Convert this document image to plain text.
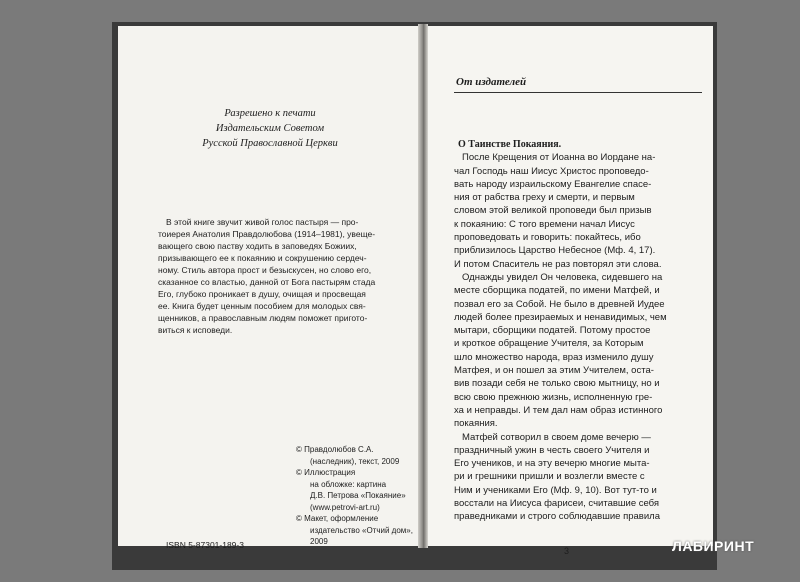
Разрешено к печати
Издательским Советом
Русской Православной Церкви
В этой книге звучит живой голос пастыря — про-
тоиерея Анатолия Правдолюбова (1914–1981), увеще-
вающего свою паству ходить в заповедях Божиих,
призывающего ее к покаянию и сокрушению сердеч-
ному. Стиль автора прост и безыскусен, но слово его,
сказанное со властью, данной от Бога пастырям стада
Его, глубоко проникает в душу, очищая и просвещая
ее. Книга будет ценным пособием для молодых свя-
щенников, а православным людям поможет пригото-
виться к исповеди.
© Правдолюбов С.А.
(наследник), текст, 2009
© Иллюстрация
на обложке: картина
Д.В. Петрова «Покаяние»
(www.petrovi-art.ru)
© Макет, оформление
издательство «Отчий дом»,
2009
ISBN 5-87301-189-3
От издателей
О Таинстве Покаяния.
После Крещения от Иоанна во Иордане на-
чал Господь наш Иисус Христос проповедо-
вать народу израильскому Евангелие спасе-
ния от рабства греху и смерти, и первым
словом этой великой проповеди был призыв
к покаянию: С того времени начал Иисус
проповедовать и говорить: покайтесь, ибо
приблизилось Царство Небесное (Мф. 4, 17).
И потом Спаситель не раз повторял эти слова.
Однажды увидел Он человека, сидевшего на
месте сборщика податей, по имени Матфей, и
позвал его за Собой. Не было в древней Иудее
людей более презираемых и ненавидимых, чем
мытари, сборщики податей. Потому простое
и кроткое обращение Учителя, за Которым
шло множество народа, враз изменило душу
Матфея, и он пошел за этим Учителем, оста-
вив позади себя не только свою мытницу, но и
всю свою прежнюю жизнь, исполненную гре-
ха и неправды. И тем дал нам образ истинного
покаяния.
Матфей сотворил в своем доме вечерю —
праздничный ужин в честь своего Учителя и
Его учеников, и на эту вечерю многие мыта-
ри и грешники пришли и возлегли вместе с
Ним и учениками Его (Мф. 9, 10). Вот тут-то и
восстали на Иисуса фарисеи, считавшие себя
праведниками и строго соблюдавшие правила
3	ЛАБИРИНТ
